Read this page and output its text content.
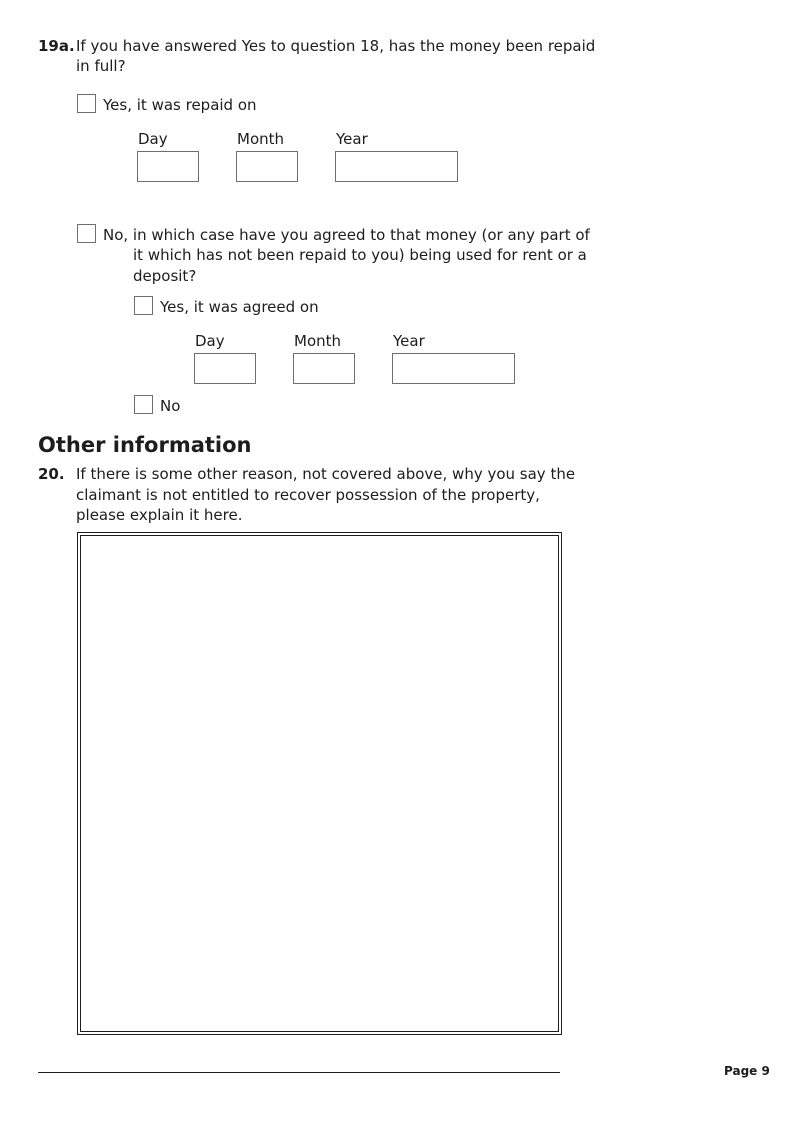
19a. If you have answered Yes to question 18, has the money been repaid
in full?
Yes, it was repaid on
Day	Month	Year
No, in which case have you agreed to that money (or any part of
it which has not been repaid to you) being used for rent or a
deposit?
Yes, it was agreed on
Day	Month	Year
No
Other information
20. If there is some other reason, not covered above, why you say the
claimant is not entitled to recover possession of the property,
please explain it here.
Page 9
